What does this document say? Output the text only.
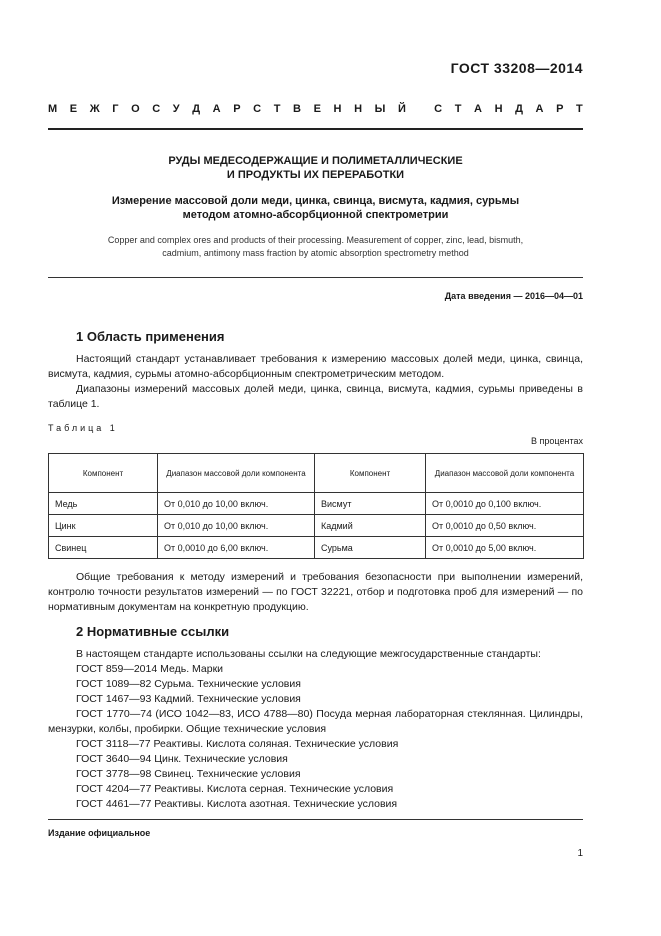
ГОСТ 33208—2014
М Е Ж Г О С У Д А Р С Т В Е Н Н Ы Й
	С Т А Н Д А Р Т
РУДЫ МЕДЕСОДЕРЖАЩИЕ И ПОЛИМЕТАЛЛИЧЕСКИЕ
И ПРОДУКТЫ ИХ ПЕРЕРАБОТКИ
Измерение массовой доли меди, цинка, свинца, висмута, кадмия, сурьмы
методом атомно-абсорбционной спектрометрии
Copper and complex ores and products of their processing. Measurement of copper, zinc, lead, bismuth,
cadmium, antimony mass fraction by atomic absorption spectrometry method
Дата введения — 2016—04—01
1 Область применения
Настоящий стандарт устанавливает требования к измерению массовых долей меди, цинка, свинца, висмута, кадмия, сурьмы атомно-абсорбционным спектрометрическим методом.
Диапазоны измерений массовых долей меди, цинка, свинца, висмута, кадмия, сурьмы приведены в таблице 1.
Таблица 1
В процентах
Компонент	Диапазон массовой доли компонента	Компонент	Диапазон массовой доли компонента
Медь	От 0,010 до 10,00 включ.	Висмут	От 0,0010 до 0,100 включ.
Цинк	От 0,010 до 10,00 включ.	Кадмий	От 0,0010 до 0,50 включ.
Свинец	От 0,0010 до 6,00 включ.	Сурьма	От 0,0010 до 5,00 включ.
Общие требования к методу измерений и требования безопасности при выполнении измерений, контролю точности результатов измерений — по ГОСТ 32221, отбор и подготовка проб для измерений — по нормативным документам на конкретную продукцию.
2 Нормативные ссылки
В настоящем стандарте использованы ссылки на следующие межгосударственные стандарты:
ГОСТ 859—2014 Медь. Марки
ГОСТ 1089—82 Сурьма. Технические условия
ГОСТ 1467—93 Кадмий. Технические условия
ГОСТ 1770—74 (ИСО 1042—83, ИСО 4788—80) Посуда мерная лабораторная стеклянная. Цилиндры, мензурки, колбы, пробирки. Общие технические условия
ГОСТ 3118—77 Реактивы. Кислота соляная. Технические условия
ГОСТ 3640—94 Цинк. Технические условия
ГОСТ 3778—98 Свинец. Технические условия
ГОСТ 4204—77 Реактивы. Кислота серная. Технические условия
ГОСТ 4461—77 Реактивы. Кислота азотная. Технические условия
Издание официальное
1
